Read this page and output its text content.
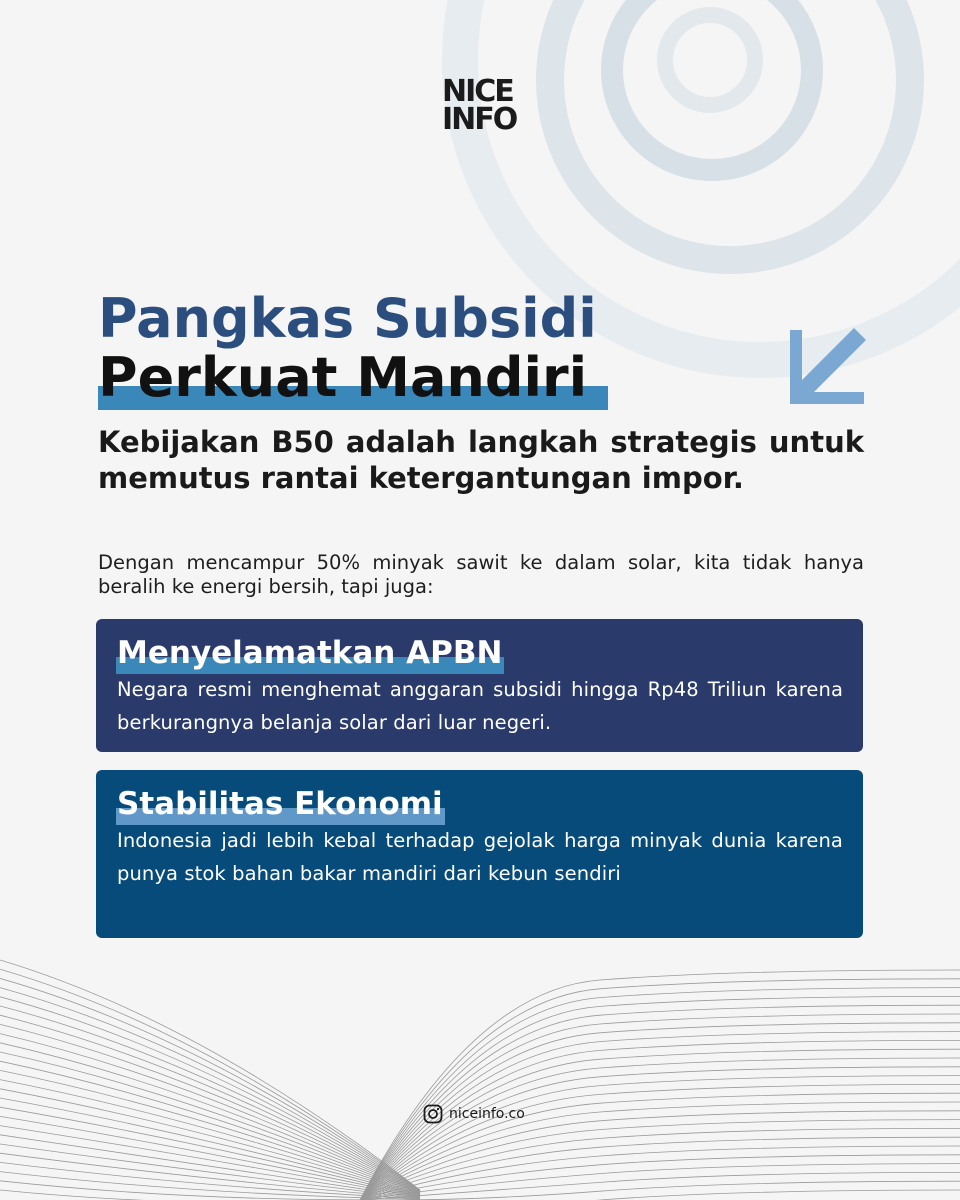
NICE
INFO
Pangkas Subsidi
Perkuat Mandiri
Kebijakan B50 adalah langkah strategis untuk memutus rantai ketergantungan impor.
Dengan mencampur 50% minyak sawit ke dalam solar, kita tidak hanya beralih ke energi bersih, tapi juga:
Menyelamatkan APBN
Negara resmi menghemat anggaran subsidi hingga Rp48 Triliun karena berkurangnya belanja solar dari luar negeri.
Stabilitas Ekonomi
Indonesia jadi lebih kebal terhadap gejolak harga minyak dunia karena punya stok bahan bakar mandiri dari kebun sendiri
niceinfo.co
